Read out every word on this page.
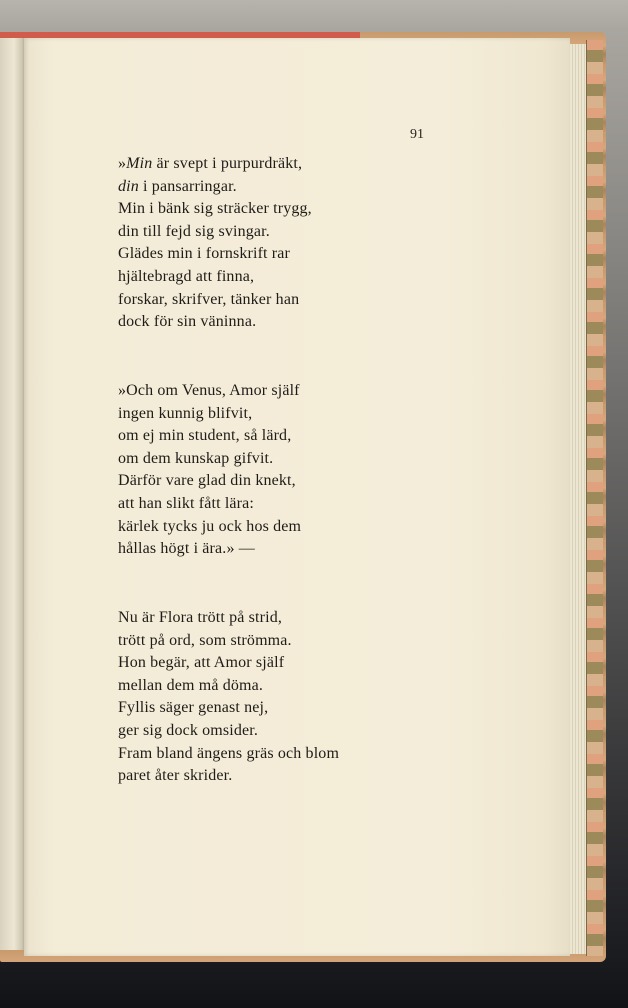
91
»Min är svept i purpurdräkt,
din i pansarringar.
Min i bänk sig sträcker trygg,
din till fejd sig svingar.
Glädes min i fornskrift rar
hjältebragd att finna,
forskar, skrifver, tänker han
dock för sin väninna.
»Och om Venus, Amor själf
ingen kunnig blifvit,
om ej min student, så lärd,
om dem kunskap gifvit.
Därför vare glad din knekt,
att han slikt fått lära:
kärlek tycks ju ock hos dem
hållas högt i ära.» —
Nu är Flora trött på strid,
trött på ord, som strömma.
Hon begär, att Amor själf
mellan dem må döma.
Fyllis säger genast nej,
ger sig dock omsider.
Fram bland ängens gräs och blom
paret åter skrider.
